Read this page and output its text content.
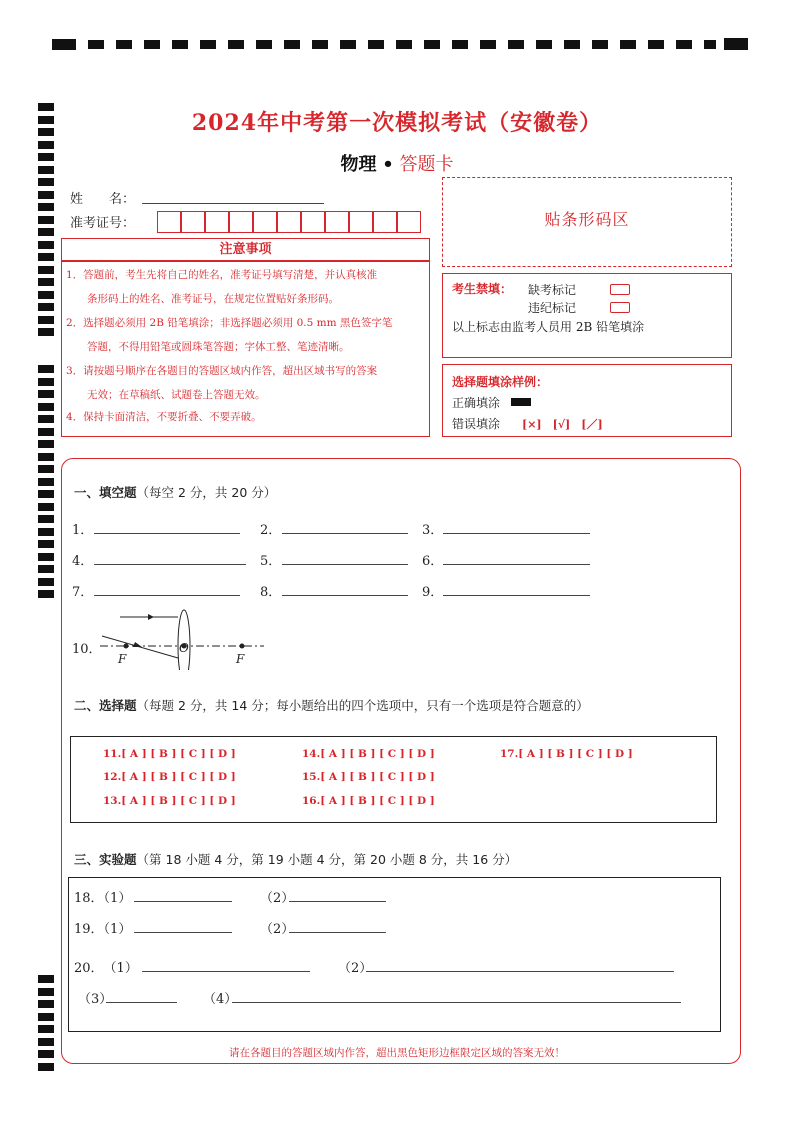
2024年中考第一次模拟考试（安徽卷）
物理 • 答题卡
姓　　名：
准考证号：	贴条形码区
注意事项
1．答题前，考生先将自己的姓名，准考证号填写清楚，并认真核准
　　条形码上的姓名、准考证号，在规定位置贴好条形码。
2．选择题必须用 2B 铅笔填涂；非选择题必须用 0.5 mm 黑色签字笔
　　答题，不得用铅笔或圆珠笔答题；字体工整、笔迹清晰。
3．请按题号顺序在各题目的答题区域内作答，超出区域书写的答案
　　无效；在草稿纸、试题卷上答题无效。
4．保持卡面清洁，不要折叠、不要弄破。
考生禁填： 缺考标记
违纪标记
以上标志由监考人员用 2B 铅笔填涂
选择题填涂样例：
正确填涂
错误填涂 [×]　[√]　[／]
一、填空题（每空 2 分，共 20 分）
1．	2．	3．
4．	5．	6．
7．	8．	9．
10．
F
O
F
二、选择题（每题 2 分，共 14 分；每小题给出的四个选项中，只有一个选项是符合题意的）
11.[ A ] [ B ] [ C ] [ D ]
12.[ A ] [ B ] [ C ] [ D ]
13.[ A ] [ B ] [ C ] [ D ]
14.[ A ] [ B ] [ C ] [ D ]
15.[ A ] [ B ] [ C ] [ D ]
16.[ A ] [ B ] [ C ] [ D ]
17.[ A ] [ B ] [ C ] [ D ]
三、实验题（第 18 小题 4 分，第 19 小题 4 分，第 20 小题 8 分，共 16 分）
18．（1）	（2）
19．（1）	（2）
20．　（1）	（2）
（3）	（4）
请在各题目的答题区域内作答，超出黑色矩形边框限定区域的答案无效！
